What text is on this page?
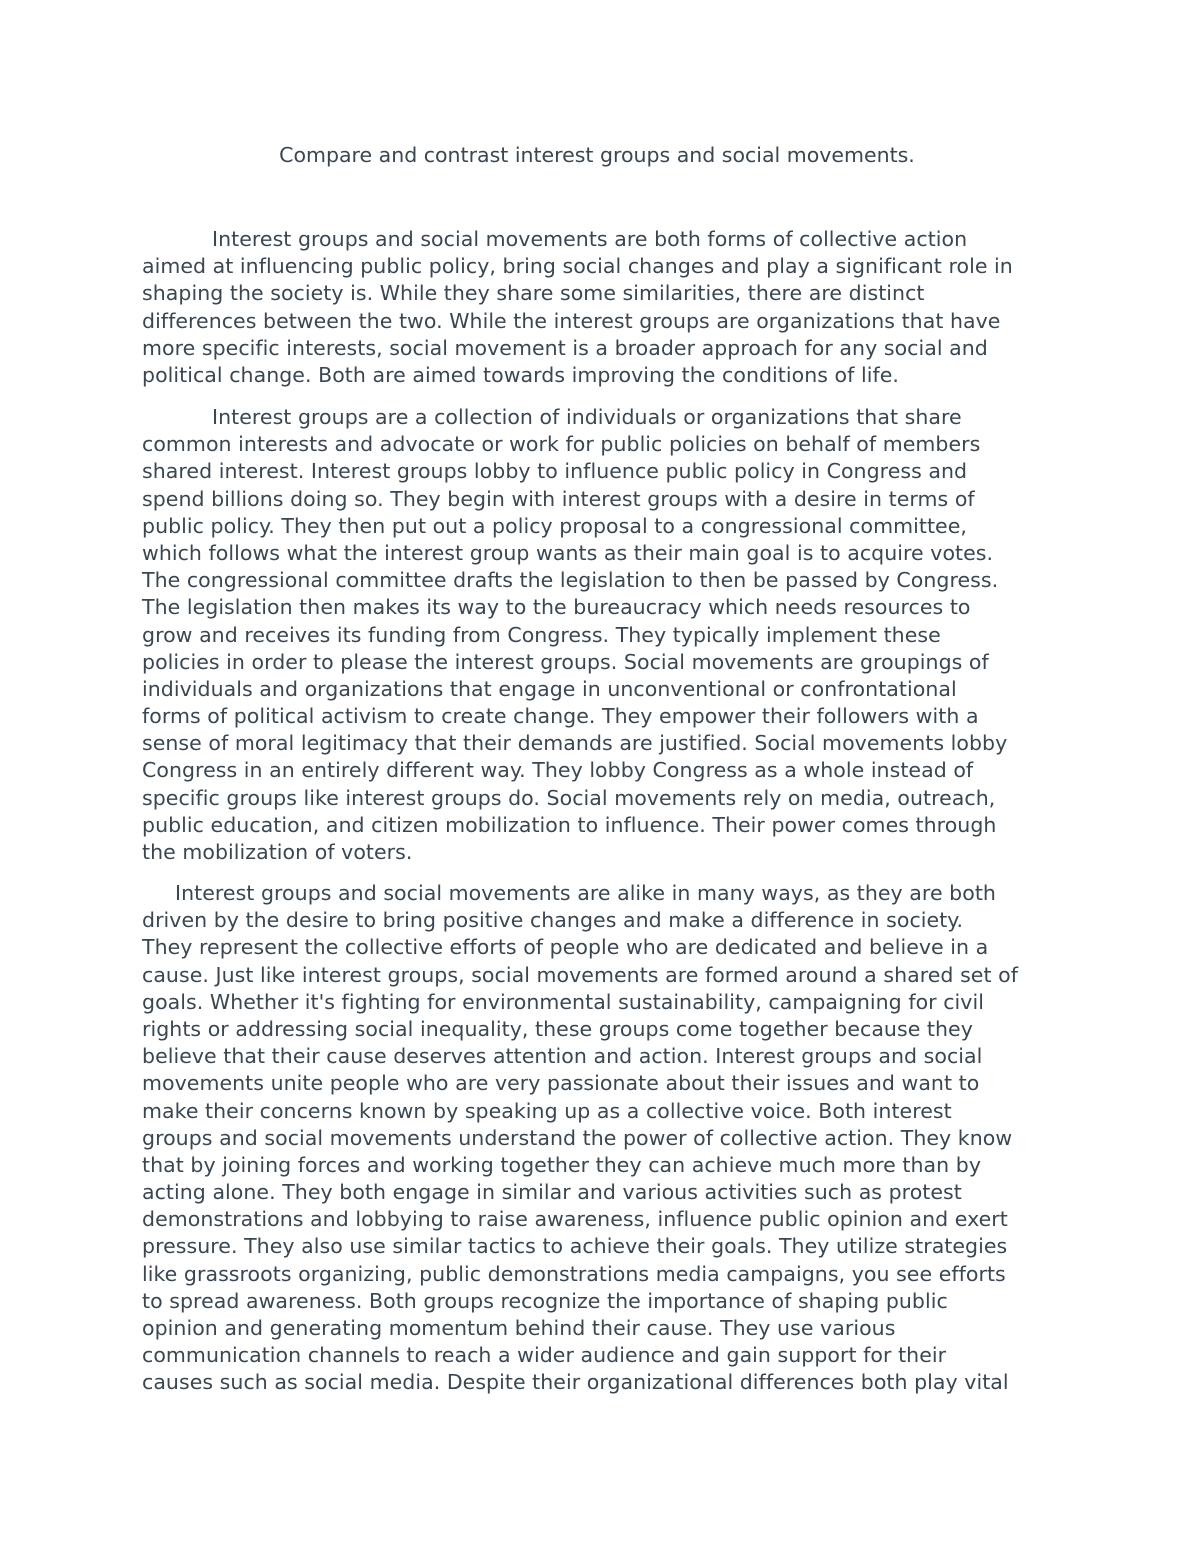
Compare and contrast interest groups and social movements.
Interest groups and social movements are both forms of collective action
aimed at influencing public policy, bring social changes and play a significant role in
shaping the society is. While they share some similarities, there are distinct
differences between the two. While the interest groups are organizations that have
more specific interests, social movement is a broader approach for any social and
political change. Both are aimed towards improving the conditions of life.
Interest groups are a collection of individuals or organizations that share
common interests and advocate or work for public policies on behalf of members
shared interest. Interest groups lobby to influence public policy in Congress and
spend billions doing so. They begin with interest groups with a desire in terms of
public policy. They then put out a policy proposal to a congressional committee,
which follows what the interest group wants as their main goal is to acquire votes.
The congressional committee drafts the legislation to then be passed by Congress.
The legislation then makes its way to the bureaucracy which needs resources to
grow and receives its funding from Congress. They typically implement these
policies in order to please the interest groups. Social movements are groupings of
individuals and organizations that engage in unconventional or confrontational
forms of political activism to create change. They empower their followers with a
sense of moral legitimacy that their demands are justified. Social movements lobby
Congress in an entirely different way. They lobby Congress as a whole instead of
specific groups like interest groups do. Social movements rely on media, outreach,
public education, and citizen mobilization to influence. Their power comes through
the mobilization of voters.
Interest groups and social movements are alike in many ways, as they are both
driven by the desire to bring positive changes and make a difference in society.
They represent the collective efforts of people who are dedicated and believe in a
cause. Just like interest groups, social movements are formed around a shared set of
goals. Whether it's fighting for environmental sustainability, campaigning for civil
rights or addressing social inequality, these groups come together because they
believe that their cause deserves attention and action. Interest groups and social
movements unite people who are very passionate about their issues and want to
make their concerns known by speaking up as a collective voice. Both interest
groups and social movements understand the power of collective action. They know
that by joining forces and working together they can achieve much more than by
acting alone. They both engage in similar and various activities such as protest
demonstrations and lobbying to raise awareness, influence public opinion and exert
pressure. They also use similar tactics to achieve their goals. They utilize strategies
like grassroots organizing, public demonstrations media campaigns, you see efforts
to spread awareness. Both groups recognize the importance of shaping public
opinion and generating momentum behind their cause. They use various
communication channels to reach a wider audience and gain support for their
causes such as social media. Despite their organizational differences both play vital
